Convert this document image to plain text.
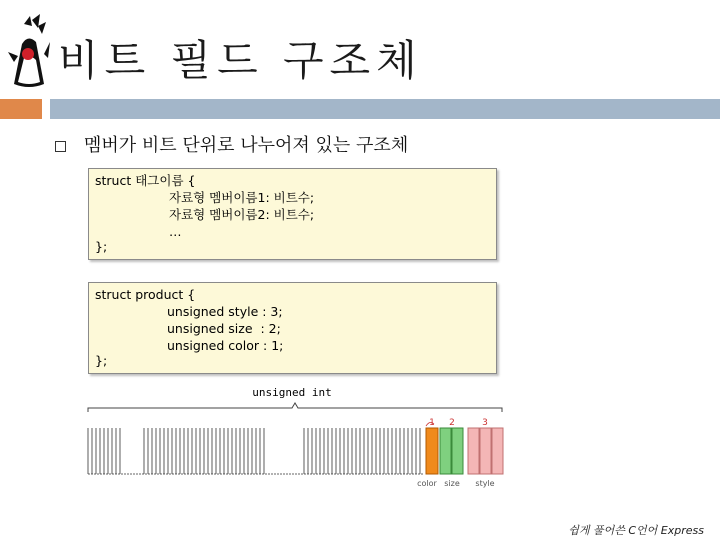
비트 필드 구조체
멤버가 비트 단위로 나누어져 있는 구조체
struct 태그이름 {
자료형 멤버이름1: 비트수;
자료형 멤버이름2: 비트수;
…
};
struct product {
unsigned style : 3;
unsigned size  : 2;
unsigned color : 1;
};
unsigned int
1 2	3
color size style
쉽게 풀어쓴 C언어 Express
